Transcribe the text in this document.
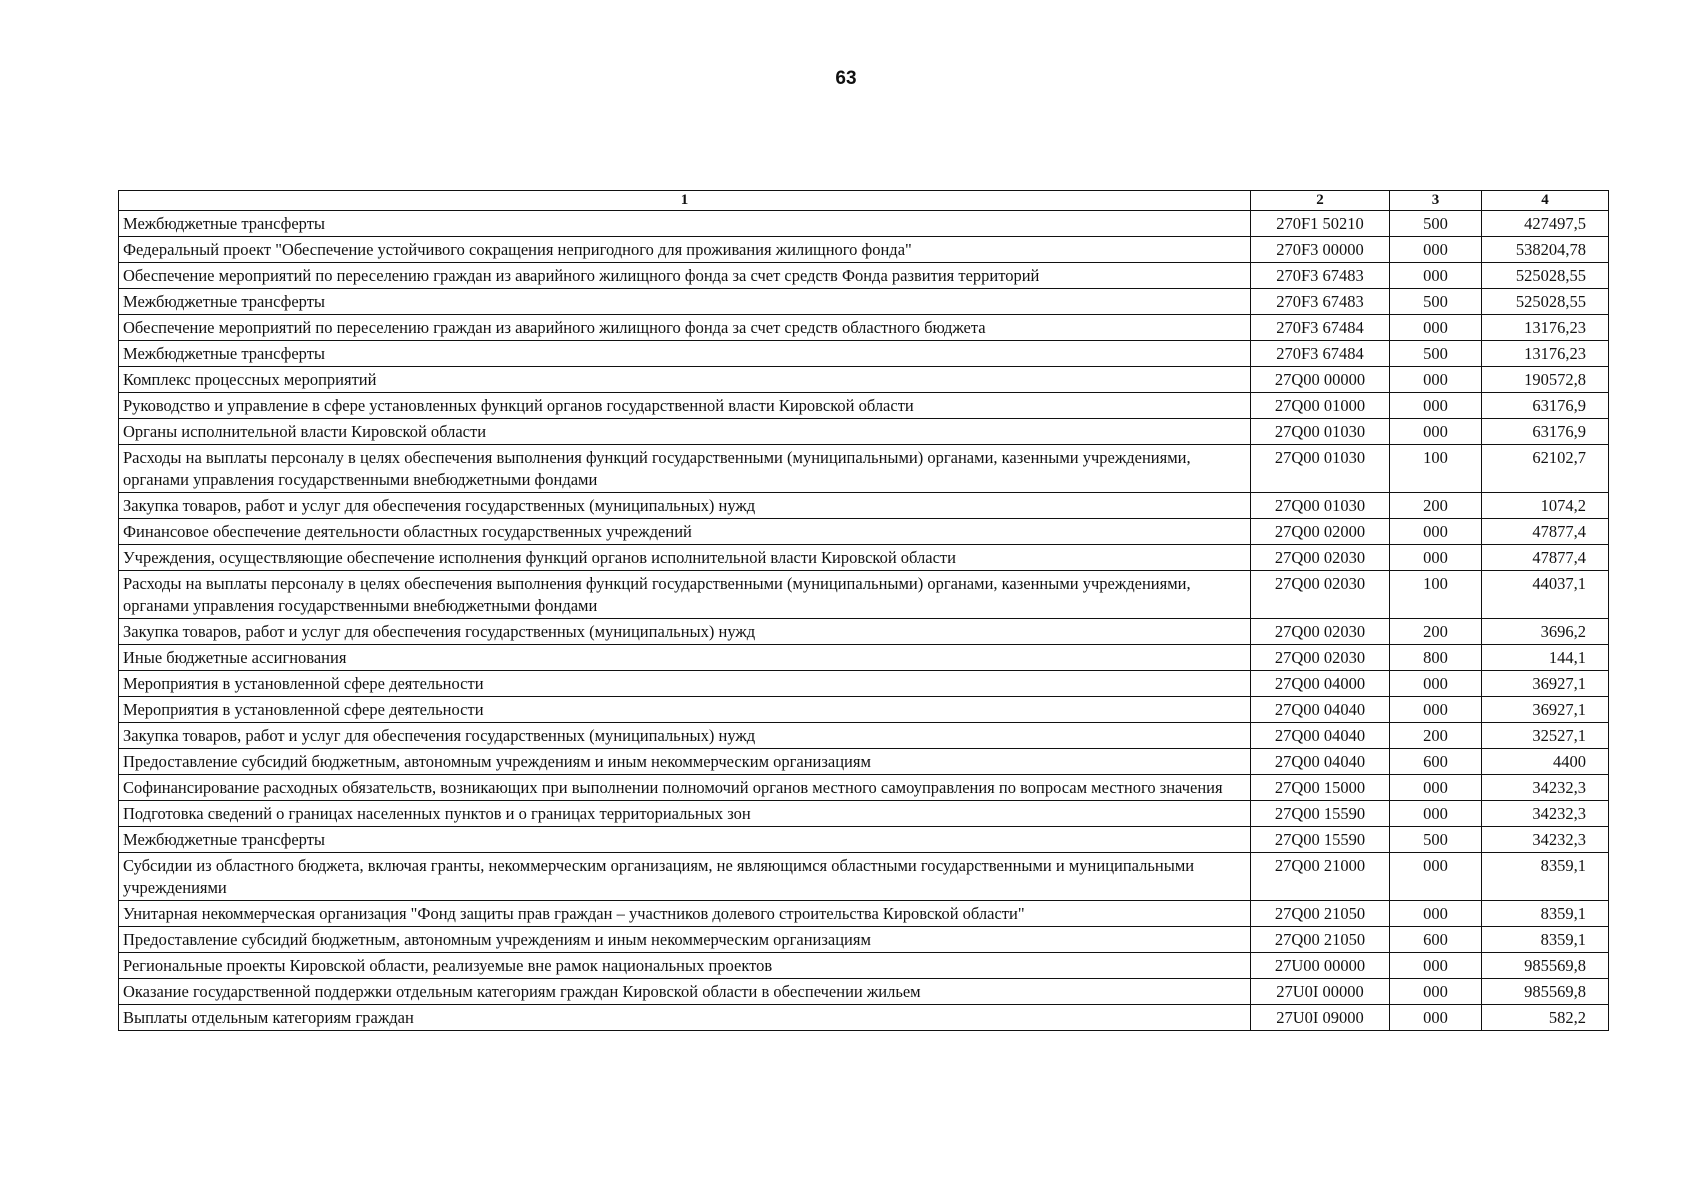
63
1	2	3	4
Межбюджетные трансферты	270F1 50210	500	427497,5
Федеральный проект "Обеспечение устойчивого сокращения непригодного для проживания жилищного фонда"	270F3 00000	000	538204,78
Обеспечение мероприятий по переселению граждан из аварийного жилищного фонда за счет средств Фонда развития территорий	270F3 67483	000	525028,55
Межбюджетные трансферты	270F3 67483	500	525028,55
Обеспечение мероприятий по переселению граждан из аварийного жилищного фонда за счет средств областного бюджета	270F3 67484	000	13176,23
Межбюджетные трансферты	270F3 67484	500	13176,23
Комплекс процессных мероприятий	27Q00 00000	000	190572,8
Руководство и управление в сфере установленных функций органов государственной власти Кировской области	27Q00 01000	000	63176,9
Органы исполнительной власти Кировской области	27Q00 01030	000	63176,9
Расходы на выплаты персоналу в целях обеспечения выполнения функций государственными (муниципальными) органами, казенными учреждениями, органами управления государственными внебюджетными фондами	27Q00 01030	100	62102,7
Закупка товаров, работ и услуг для обеспечения государственных (муниципальных) нужд	27Q00 01030	200	1074,2
Финансовое обеспечение деятельности областных государственных учреждений	27Q00 02000	000	47877,4
Учреждения, осуществляющие обеспечение исполнения функций органов исполнительной власти Кировской области	27Q00 02030	000	47877,4
Расходы на выплаты персоналу в целях обеспечения выполнения функций государственными (муниципальными) органами, казенными учреждениями, органами управления государственными внебюджетными фондами	27Q00 02030	100	44037,1
Закупка товаров, работ и услуг для обеспечения государственных (муниципальных) нужд	27Q00 02030	200	3696,2
Иные бюджетные ассигнования	27Q00 02030	800	144,1
Мероприятия в установленной сфере деятельности	27Q00 04000	000	36927,1
Мероприятия в установленной сфере деятельности	27Q00 04040	000	36927,1
Закупка товаров, работ и услуг для обеспечения государственных (муниципальных) нужд	27Q00 04040	200	32527,1
Предоставление субсидий бюджетным, автономным учреждениям и иным некоммерческим организациям	27Q00 04040	600	4400
Софинансирование расходных обязательств, возникающих при выполнении полномочий органов местного самоуправления по вопросам местного значения	27Q00 15000	000	34232,3
Подготовка сведений о границах населенных пунктов и о границах территориальных зон	27Q00 15590	000	34232,3
Межбюджетные трансферты	27Q00 15590	500	34232,3
Субсидии из областного бюджета, включая гранты, некоммерческим организациям, не являющимся областными государственными и муниципальными учреждениями	27Q00 21000	000	8359,1
Унитарная некоммерческая организация "Фонд защиты прав граждан – участников долевого строительства Кировской области"	27Q00 21050	000	8359,1
Предоставление субсидий бюджетным, автономным учреждениям и иным некоммерческим организациям	27Q00 21050	600	8359,1
Региональные проекты Кировской области, реализуемые вне рамок национальных проектов	27U00 00000	000	985569,8
Оказание государственной поддержки отдельным категориям граждан Кировской области в обеспечении жильем	27U0I 00000	000	985569,8
Выплаты отдельным категориям граждан	27U0I 09000	000	582,2
